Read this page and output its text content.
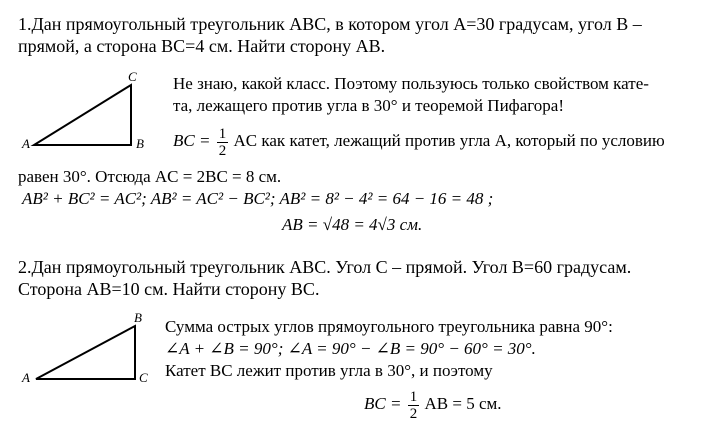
1.Дан прямоугольный треугольник ABC, в котором угол A=30 градусам, угол B –
прямой, а сторона BC=4 см. Найти сторону AB.
A	B
C Не знаю, какой класс. Поэтому пользуюсь только свойством кате-
та, лежащего против угла в 30° и теоремой Пифагора!
BC = $\frac{1}{2}$ AC как катет, лежащий против угла A, который по условию
равен 30°. Отсюда AC = 2BC = 8 см.
AB² + BC² = AC²; AB² = AC² − BC²; AB² = 8² − 4² = 64 − 16 = 48 ;
AB = √48 = 4√3 см.
2.Дан прямоугольный треугольник ABC. Угол C – прямой. Угол B=60 градусам.
Сторона AB=10 см. Найти сторону BC.
A	C
B Сумма острых углов прямоугольного треугольника равна 90°:
∠A + ∠B = 90°; ∠A = 90° − ∠B = 90° − 60° = 30°.
Катет BC лежит против угла в 30°, и поэтому
BC = $\frac{1}{2}$ AB = 5 см.
